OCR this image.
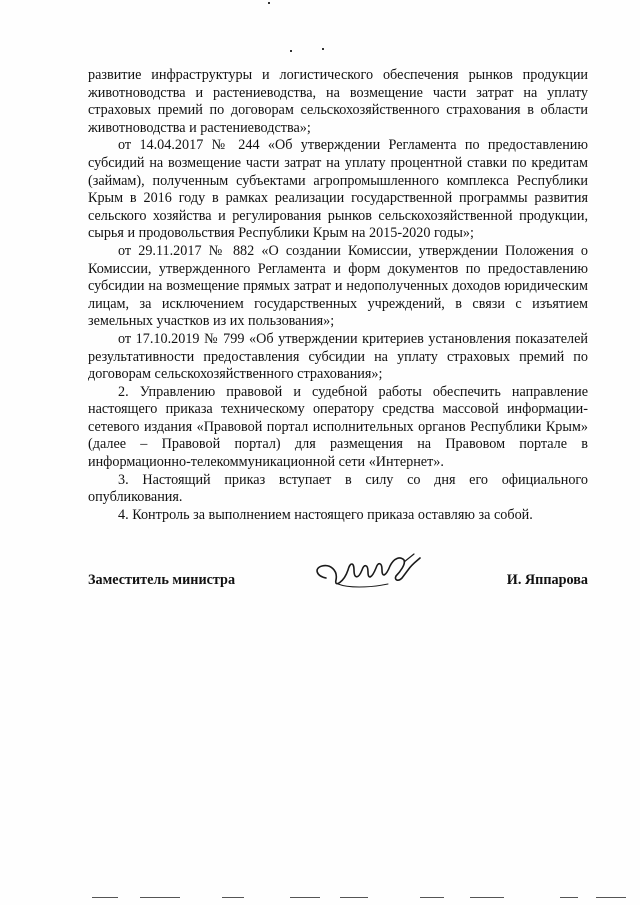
развитие инфраструктуры и логистического обеспечения рынков продукции животноводства и растениеводства, на возмещение части затрат на уплату страховых премий по договорам сельскохозяйственного страхования в области животноводства и растениеводства»;

от 14.04.2017 № 244 «Об утверждении Регламента по предоставлению субсидий на возмещение части затрат на уплату процентной ставки по кредитам (займам), полученным субъектами агропромышленного комплекса Республики Крым в 2016 году в рамках реализации государственной программы развития сельского хозяйства и регулирования рынков сельскохозяйственной продукции, сырья и продовольствия Республики Крым на 2015-2020 годы»;

от 29.11.2017 № 882 «О создании Комиссии, утверждении Положения о Комиссии, утвержденного Регламента и форм документов по предоставлению субсидии на возмещение прямых затрат и недополученных доходов юридическим лицам, за исключением государственных учреждений, в связи с изъятием земельных участков из их пользования»;

от 17.10.2019 № 799 «Об утверждении критериев установления показателей результативности предоставления субсидии на уплату страховых премий по договорам сельскохозяйственного страхования»;

2. Управлению правовой и судебной работы обеспечить направление настоящего приказа техническому оператору средства массовой информации-сетевого издания «Правовой портал исполнительных органов Республики Крым» (далее – Правовой портал) для размещения на Правовом портале в информационно-телекоммуникационной сети «Интернет».

3. Настоящий приказ вступает в силу со дня его официального опубликования.

4. Контроль за выполнением настоящего приказа оставляю за собой.

Заместитель министра	И. Яппарова
